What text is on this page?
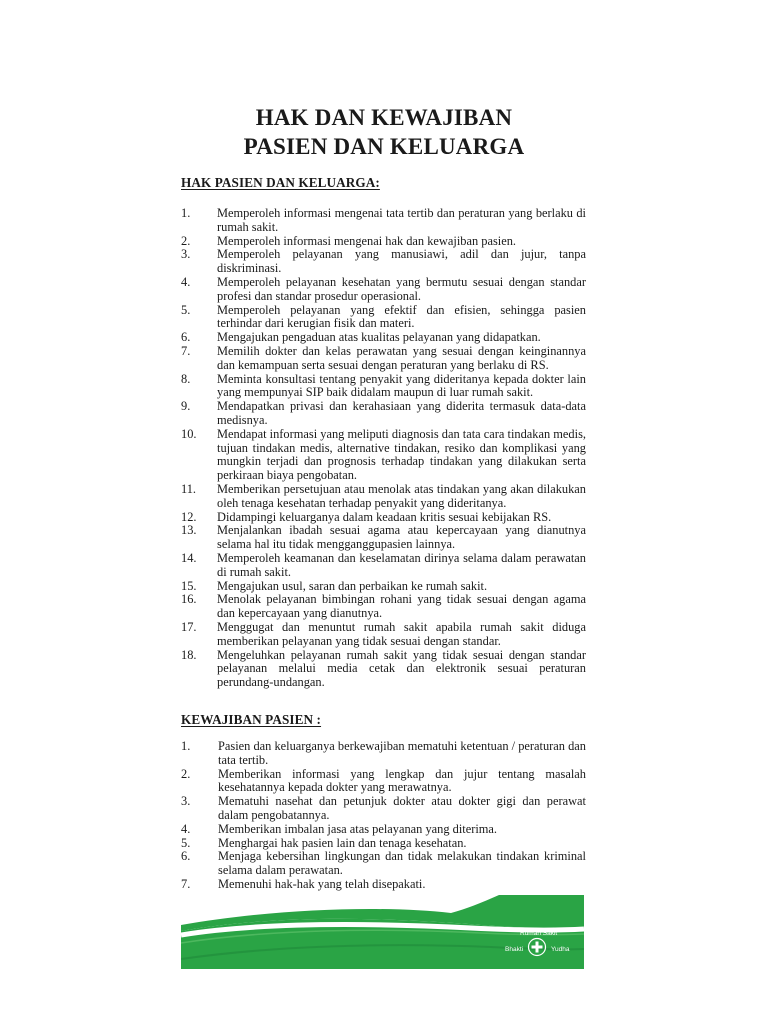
HAK DAN KEWAJIBAN
PASIEN DAN KELUARGA
HAK PASIEN DAN KELUARGA:
1. Memperoleh informasi mengenai tata tertib dan peraturan yang berlaku di rumah sakit.
2. Memperoleh informasi mengenai hak dan kewajiban pasien.
3. Memperoleh pelayanan yang manusiawi, adil dan jujur, tanpa diskriminasi.
4. Memperoleh pelayanan kesehatan yang bermutu sesuai dengan standar profesi dan standar prosedur operasional.
5. Memperoleh pelayanan yang efektif dan efisien, sehingga pasien terhindar dari kerugian fisik dan materi.
6. Mengajukan pengaduan atas kualitas pelayanan yang didapatkan.
7. Memilih dokter dan kelas perawatan yang sesuai dengan keinginannya dan kemampuan serta sesuai dengan peraturan yang berlaku di RS.
8. Meminta konsultasi tentang penyakit yang dideritanya kepada dokter lain yang mempunyai SIP baik didalam maupun di luar rumah sakit.
9. Mendapatkan privasi dan kerahasiaan yang diderita termasuk data-data medisnya.
10. Mendapat informasi yang meliputi diagnosis dan tata cara tindakan medis, tujuan tindakan medis, alternative tindakan, resiko dan komplikasi yang mungkin terjadi dan prognosis terhadap tindakan yang dilakukan serta perkiraan biaya pengobatan.
11. Memberikan persetujuan atau menolak atas tindakan yang akan dilakukan oleh tenaga kesehatan terhadap penyakit yang dideritanya.
12. Didampingi keluarganya dalam keadaan kritis sesuai kebijakan RS.
13. Menjalankan ibadah sesuai agama atau kepercayaan yang dianutnya selama hal itu tidak mengganggupasien lainnya.
14. Memperoleh keamanan dan keselamatan dirinya selama dalam perawatan di rumah sakit.
15. Mengajukan usul, saran dan perbaikan ke rumah sakit.
16. Menolak pelayanan bimbingan rohani yang tidak sesuai dengan agama dan kepercayaan yang dianutnya.
17. Menggugat dan menuntut rumah sakit apabila rumah sakit diduga memberikan pelayanan yang tidak sesuai dengan standar.
18. Mengeluhkan pelayanan rumah sakit yang tidak sesuai dengan standar pelayanan melalui media cetak dan elektronik sesuai peraturan perundang-undangan.
KEWAJIBAN PASIEN :
1. Pasien dan keluarganya berkewajiban mematuhi ketentuan / peraturan dan tata tertib.
2. Memberikan informasi yang lengkap dan jujur tentang masalah kesehatannya kepada dokter yang merawatnya.
3. Mematuhi nasehat dan petunjuk dokter atau dokter gigi dan perawat dalam pengobatannya.
4. Memberikan imbalan jasa atas pelayanan yang diterima.
5. Menghargai hak pasien lain dan tenaga kesehatan.
6. Menjaga kebersihan lingkungan dan tidak melakukan tindakan kriminal selama dalam perawatan.
7. Memenuhi hak-hak yang telah disepakati.
Rumah Sakit
Bhakti	Yudha
